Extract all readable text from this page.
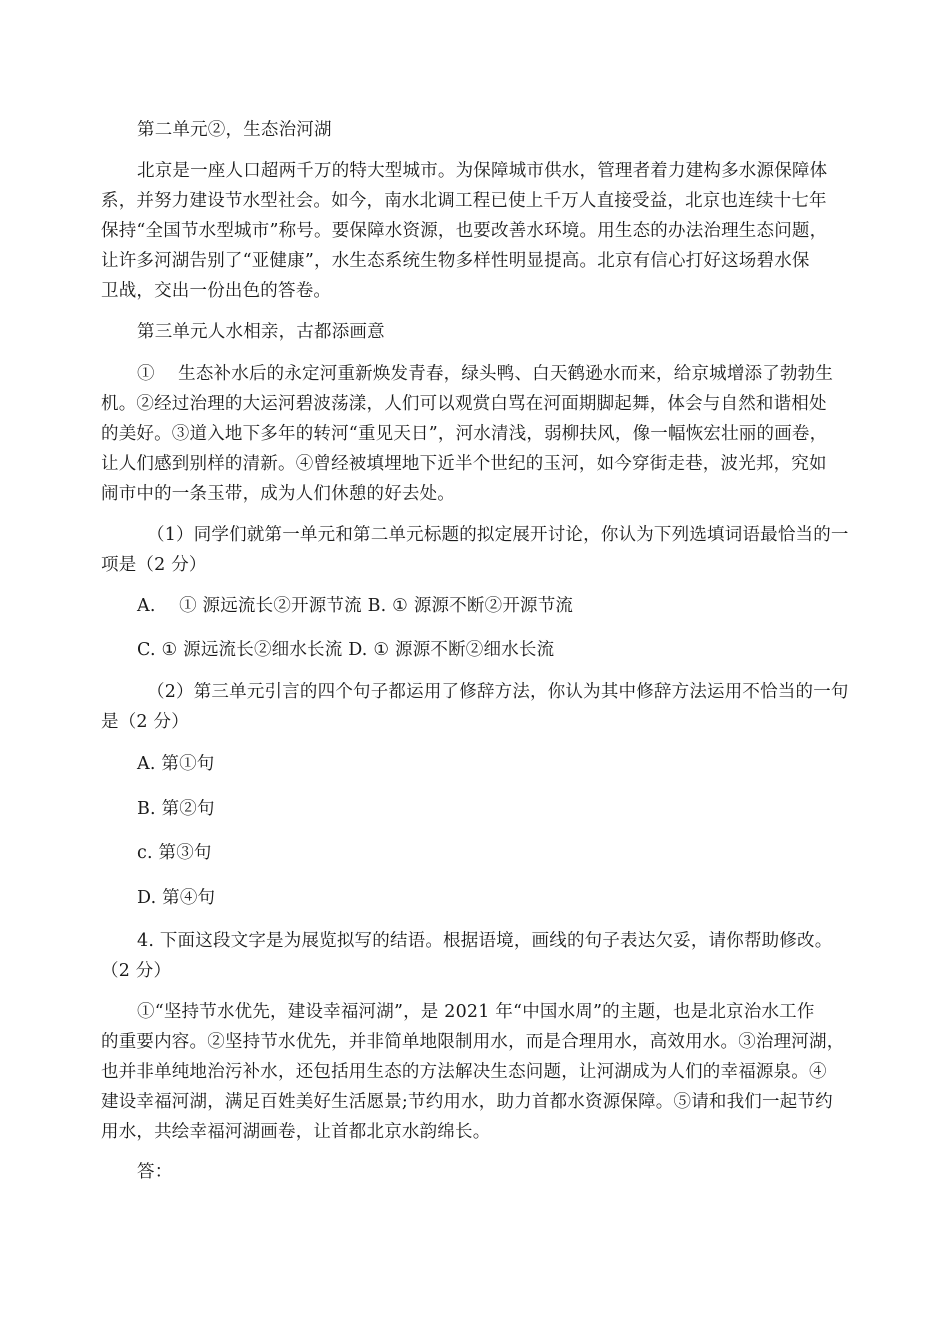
第二单元②，生态治河湖
北京是一座人口超两千万的特大型城市。为保障城市供水，管理者着力建构多水源保障体
系，并努力建设节水型社会。如今，南水北调工程已使上千万人直接受益，北京也连续十七年
保持“全国节水型城市”称号。要保障水资源，也要改善水环境。用生态的办法治理生态问题，
让许多河湖告别了“亚健康”，水生态系统生物多样性明显提高。北京有信心打好这场碧水保
卫战，交出一份出色的答卷。
第三单元人水相亲，古都添画意
①　 生态补水后的永定河重新焕发青春，绿头鸭、白天鹤逊水而来，给京城增添了勃勃生
机。②经过治理的大运河碧波荡漾，人们可以观赏白骂在河面期脚起舞，体会与自然和谐相处
的美好。③道入地下多年的转河“重见天日”，河水清浅，弱柳扶风，像一幅恢宏壮丽的画卷，
让人们感到别样的清新。④曾经被填埋地下近半个世纪的玉河，如今穿街走巷，波光邦，究如
闹市中的一条玉带，成为人们休憩的好去处。
（1）同学们就第一单元和第二单元标题的拟定展开讨论，你认为下列选填词语最恰当的一
项是（2 分）
A.　 ① 源远流长②开源节流 B. ① 源源不断②开源节流
C. ① 源远流长②细水长流 D. ① 源源不断②细水长流
（2）第三单元引言的四个句子都运用了修辞方法，你认为其中修辞方法运用不恰当的一句
是（2 分）
A. 第①句
B. 第②句
c. 第③句
D. 第④句
4. 下面这段文字是为展览拟写的结语。根据语境，画线的句子表达欠妥，请你帮助修改。
（2 分）
①“坚持节水优先，建设幸福河湖”，是 2021 年“中国水周”的主题，也是北京治水工作
的重要内容。②坚持节水优先，并非简单地限制用水，而是合理用水，高效用水。③治理河湖，
也并非单纯地治污补水，还包括用生态的方法解决生态问题，让河湖成为人们的幸福源泉。④
建设幸福河湖，满足百姓美好生活愿景;节约用水，助力首都水资源保障。⑤请和我们一起节约
用水，共绘幸福河湖画卷，让首都北京水韵绵长。
答：
